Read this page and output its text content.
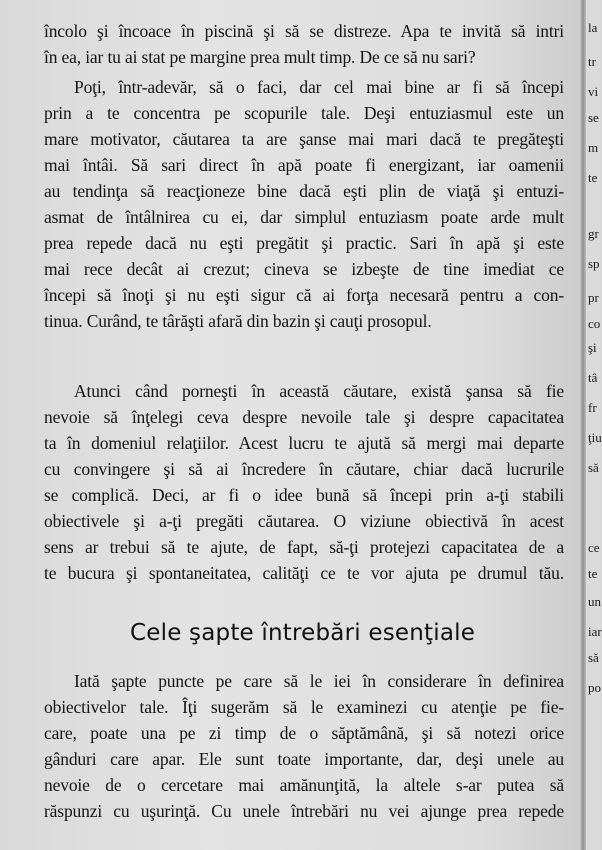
încolo şi încoace în piscină şi să se distreze. Apa te invită să intri
în ea, iar tu ai stat pe margine prea mult timp. De ce să nu sari?
Poţi, într-adevăr, să o faci, dar cel mai bine ar fi să începi
prin a te concentra pe scopurile tale. Deşi entuziasmul este un
mare motivator, căutarea ta are şanse mai mari dacă te pregăteşti
mai întâi. Să sari direct în apă poate fi energizant, iar oamenii
au tendinţa să reacţioneze bine dacă eşti plin de viaţă şi entuzi-
asmat de întâlnirea cu ei, dar simplul entuziasm poate arde mult
prea repede dacă nu eşti pregătit şi practic. Sari în apă şi este
mai rece decât ai crezut; cineva se izbeşte de tine imediat ce
începi să înoţi şi nu eşti sigur că ai forţa necesară pentru a con-
tinua. Curând, te târăşti afară din bazin şi cauţi prosopul.
Atunci când porneşti în această căutare, există şansa să fie
nevoie să înţelegi ceva despre nevoile tale şi despre capacitatea
ta în domeniul relaţiilor. Acest lucru te ajută să mergi mai departe
cu convingere şi să ai încredere în căutare, chiar dacă lucrurile
se complică. Deci, ar fi o idee bună să începi prin a-ţi stabili
obiectivele şi a-ţi pregăti căutarea. O viziune obiectivă în acest
sens ar trebui să te ajute, de fapt, să-ţi protejezi capacitatea de a
te bucura şi spontaneitatea, calităţi ce te vor ajuta pe drumul tău.
Iată şapte puncte pe care să le iei în considerare în definirea
obiectivelor tale. Îţi sugerăm să le examinezi cu atenţie pe fie-
care, poate una pe zi timp de o săptămână, şi să notezi orice
gânduri care apar. Ele sunt toate importante, dar, deşi unele au
nevoie de o cercetare mai amănunţită, la altele s-ar putea să
răspunzi cu uşurinţă. Cu unele întrebări nu vei ajunge prea repede
Cele şapte întrebări esenţiale
la
tr
vi
se
m
te
gr
sp
pr
co
şi
tâ
fr
ţiu
să
ce
te
un
iar
să
po
